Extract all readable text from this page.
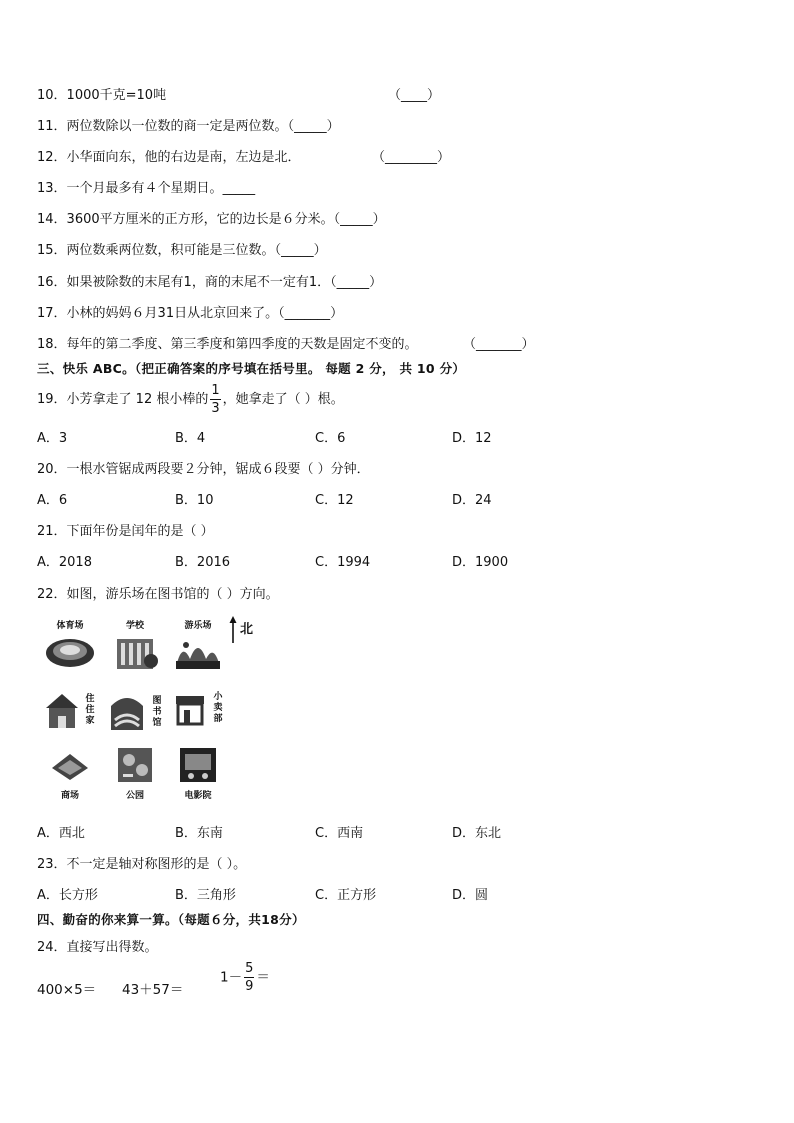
10．1000千克=10吨	（____）
11．两位数除以一位数的商一定是两位数。（_____）
12．小华面向东，他的右边是南，左边是北．	（________）
13．一个月最多有４个星期日。_____
14．3600平方厘米的正方形，它的边长是６分米。（_____）
15．两位数乘两位数，积可能是三位数。（_____）
16．如果被除数的末尾有1，商的末尾不一定有1．（_____）
17．小林的妈妈６月31日从北京回来了。（_______）
18．每年的第二季度、第三季度和第四季度的天数是固定不变的。	（_______）
三、快乐 ABC。（把正确答案的序号填在括号里。 每题 2 分， 共 10 分）
19．小芳拿走了 12 根小棒的 $\frac{1}{3}$ ，她拿走了（ ）根。
A．3	B．4	C．6	D．12
20．一根水管锯成两段要２分钟，锯成６段要（ ）分钟．
A．6	B．10	C．12	D．24
21．下面年份是闰年的是（ ）
A．2018	B．2016	C．1994	D．1900
22．如图，游乐场在图书馆的（ ）方向。
北
体育场	学校	游乐场
住住家
图书馆
小卖部
商场	公园	电影院
A．西北	B．东南	C．西南	D．东北
23．不一定是轴对称图形的是（ ）。
A．长方形	B．三角形	C．正方形	D．圆
四、勤奋的你来算一算。（每题６分，共18分）
24．直接写出得数。
400×5＝ 43＋57＝
$1- \frac{5}{9}$ ＝
